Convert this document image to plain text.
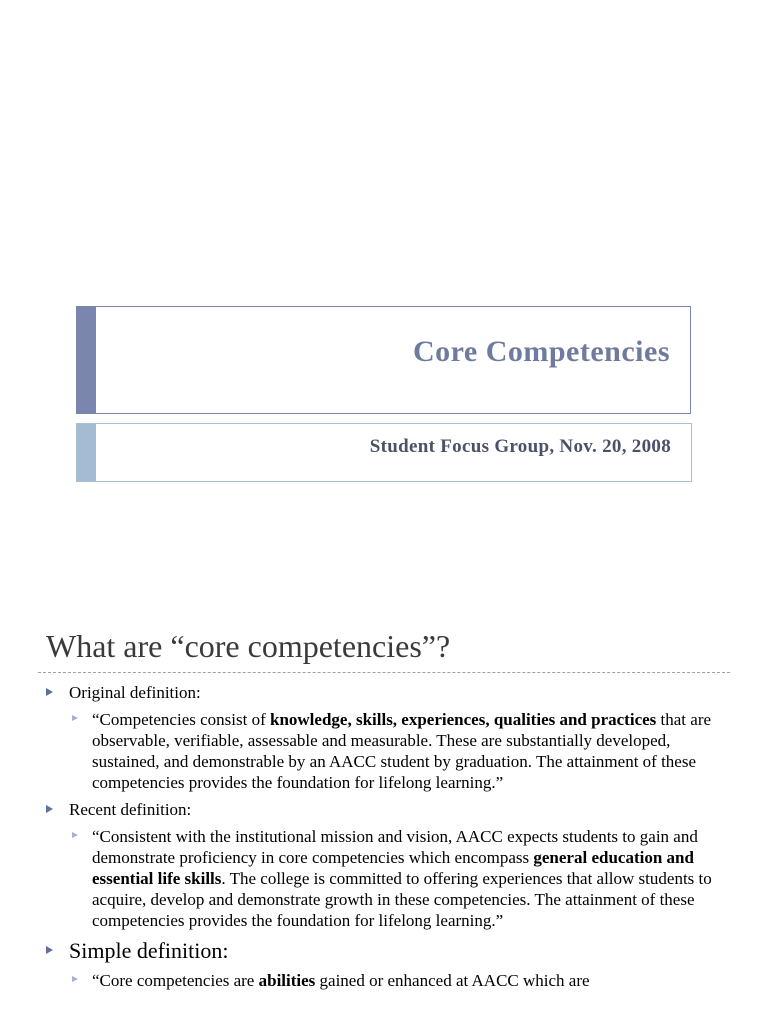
Core Competencies
Student Focus Group, Nov. 20, 2008
What are “core competencies”?
Original definition:
“Competencies consist of knowledge, skills, experiences, qualities and practices that are observable, verifiable, assessable and measurable. These are substantially developed, sustained, and demonstrable by an AACC student by graduation. The attainment of these competencies provides the foundation for lifelong learning.”
Recent definition:
“Consistent with the institutional mission and vision, AACC expects students to gain and demonstrate proficiency in core competencies which encompass general education and essential life skills. The college is committed to offering experiences that allow students to acquire, develop and demonstrate growth in these competencies. The attainment of these competencies provides the foundation for lifelong learning.”
Simple definition:
“Core competencies are abilities gained or enhanced at AACC which are
